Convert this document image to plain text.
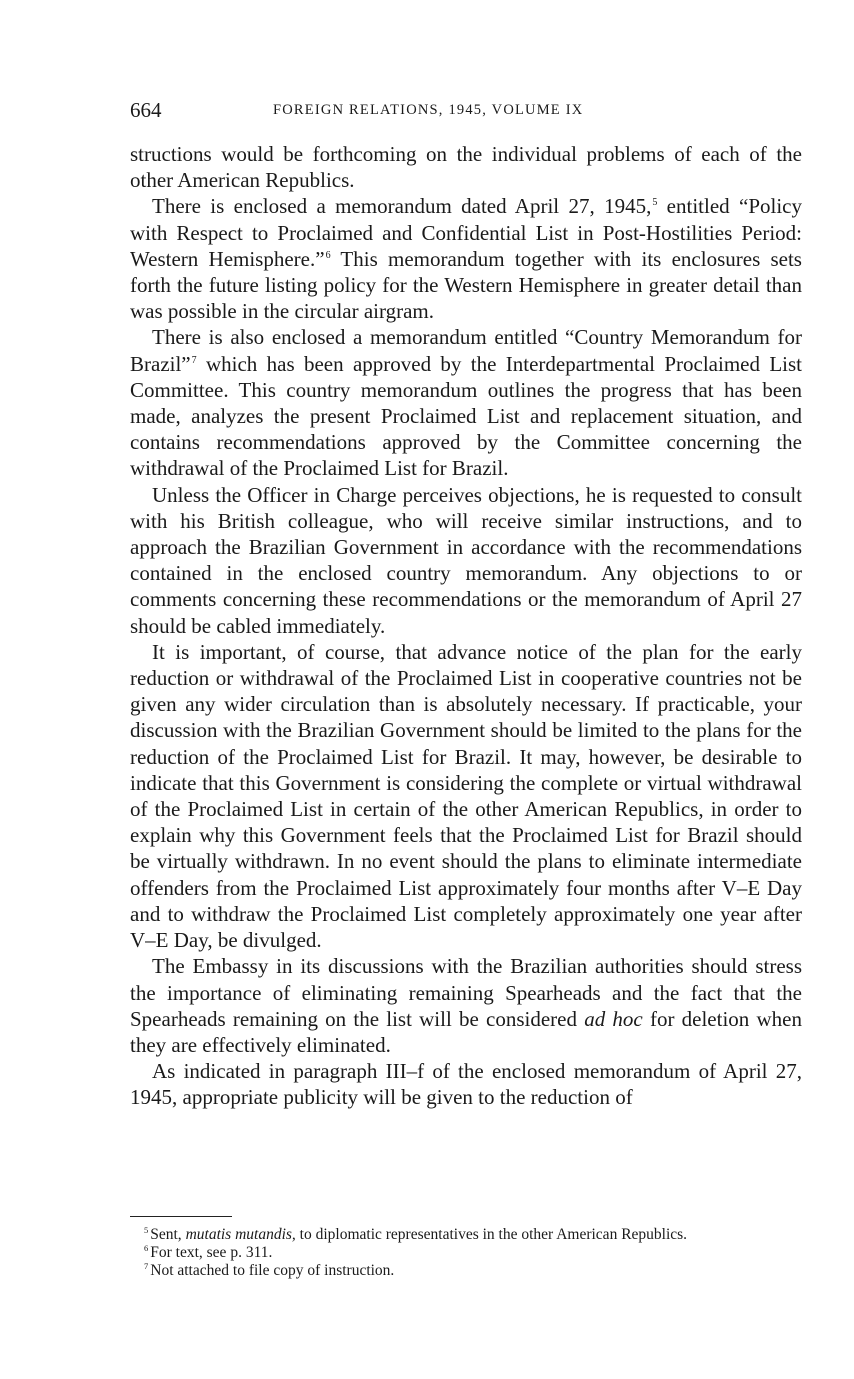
664	FOREIGN RELATIONS, 1945, VOLUME IX

structions would be forthcoming on the individual problems of each of the other American Republics.

There is enclosed a memorandum dated April 27, 1945,$^5$ entitled “Policy with Respect to Proclaimed and Confidential List in Post-Hostilities Period: Western Hemisphere.”$^6$ This memorandum together with its enclosures sets forth the future listing policy for the Western Hemisphere in greater detail than was possible in the circular airgram.

There is also enclosed a memorandum entitled “Country Memorandum for Brazil”$^7$ which has been approved by the Interdepartmental Proclaimed List Committee. This country memorandum outlines the progress that has been made, analyzes the present Proclaimed List and replacement situation, and contains recommendations approved by the Committee concerning the withdrawal of the Proclaimed List for Brazil.

Unless the Officer in Charge perceives objections, he is requested to consult with his British colleague, who will receive similar instructions, and to approach the Brazilian Government in accordance with the recommendations contained in the enclosed country memorandum. Any objections to or comments concerning these recommendations or the memorandum of April 27 should be cabled immediately.

It is important, of course, that advance notice of the plan for the early reduction or withdrawal of the Proclaimed List in cooperative countries not be given any wider circulation than is absolutely necessary. If practicable, your discussion with the Brazilian Government should be limited to the plans for the reduction of the Proclaimed List for Brazil. It may, however, be desirable to indicate that this Government is considering the complete or virtual withdrawal of the Proclaimed List in certain of the other American Republics, in order to explain why this Government feels that the Proclaimed List for Brazil should be virtually withdrawn. In no event should the plans to eliminate intermediate offenders from the Proclaimed List approximately four months after V–E Day and to withdraw the Proclaimed List completely approximately one year after V–E Day, be divulged.

The Embassy in its discussions with the Brazilian authorities should stress the importance of eliminating remaining Spearheads and the fact that the Spearheads remaining on the list will be considered ad hoc for deletion when they are effectively eliminated.

As indicated in paragraph III–f of the enclosed memorandum of April 27, 1945, appropriate publicity will be given to the reduction of

$^5$ Sent, mutatis mutandis, to diplomatic representatives in the other American Republics.

$^6$ For text, see p. 311.

$^7$ Not attached to file copy of instruction.
